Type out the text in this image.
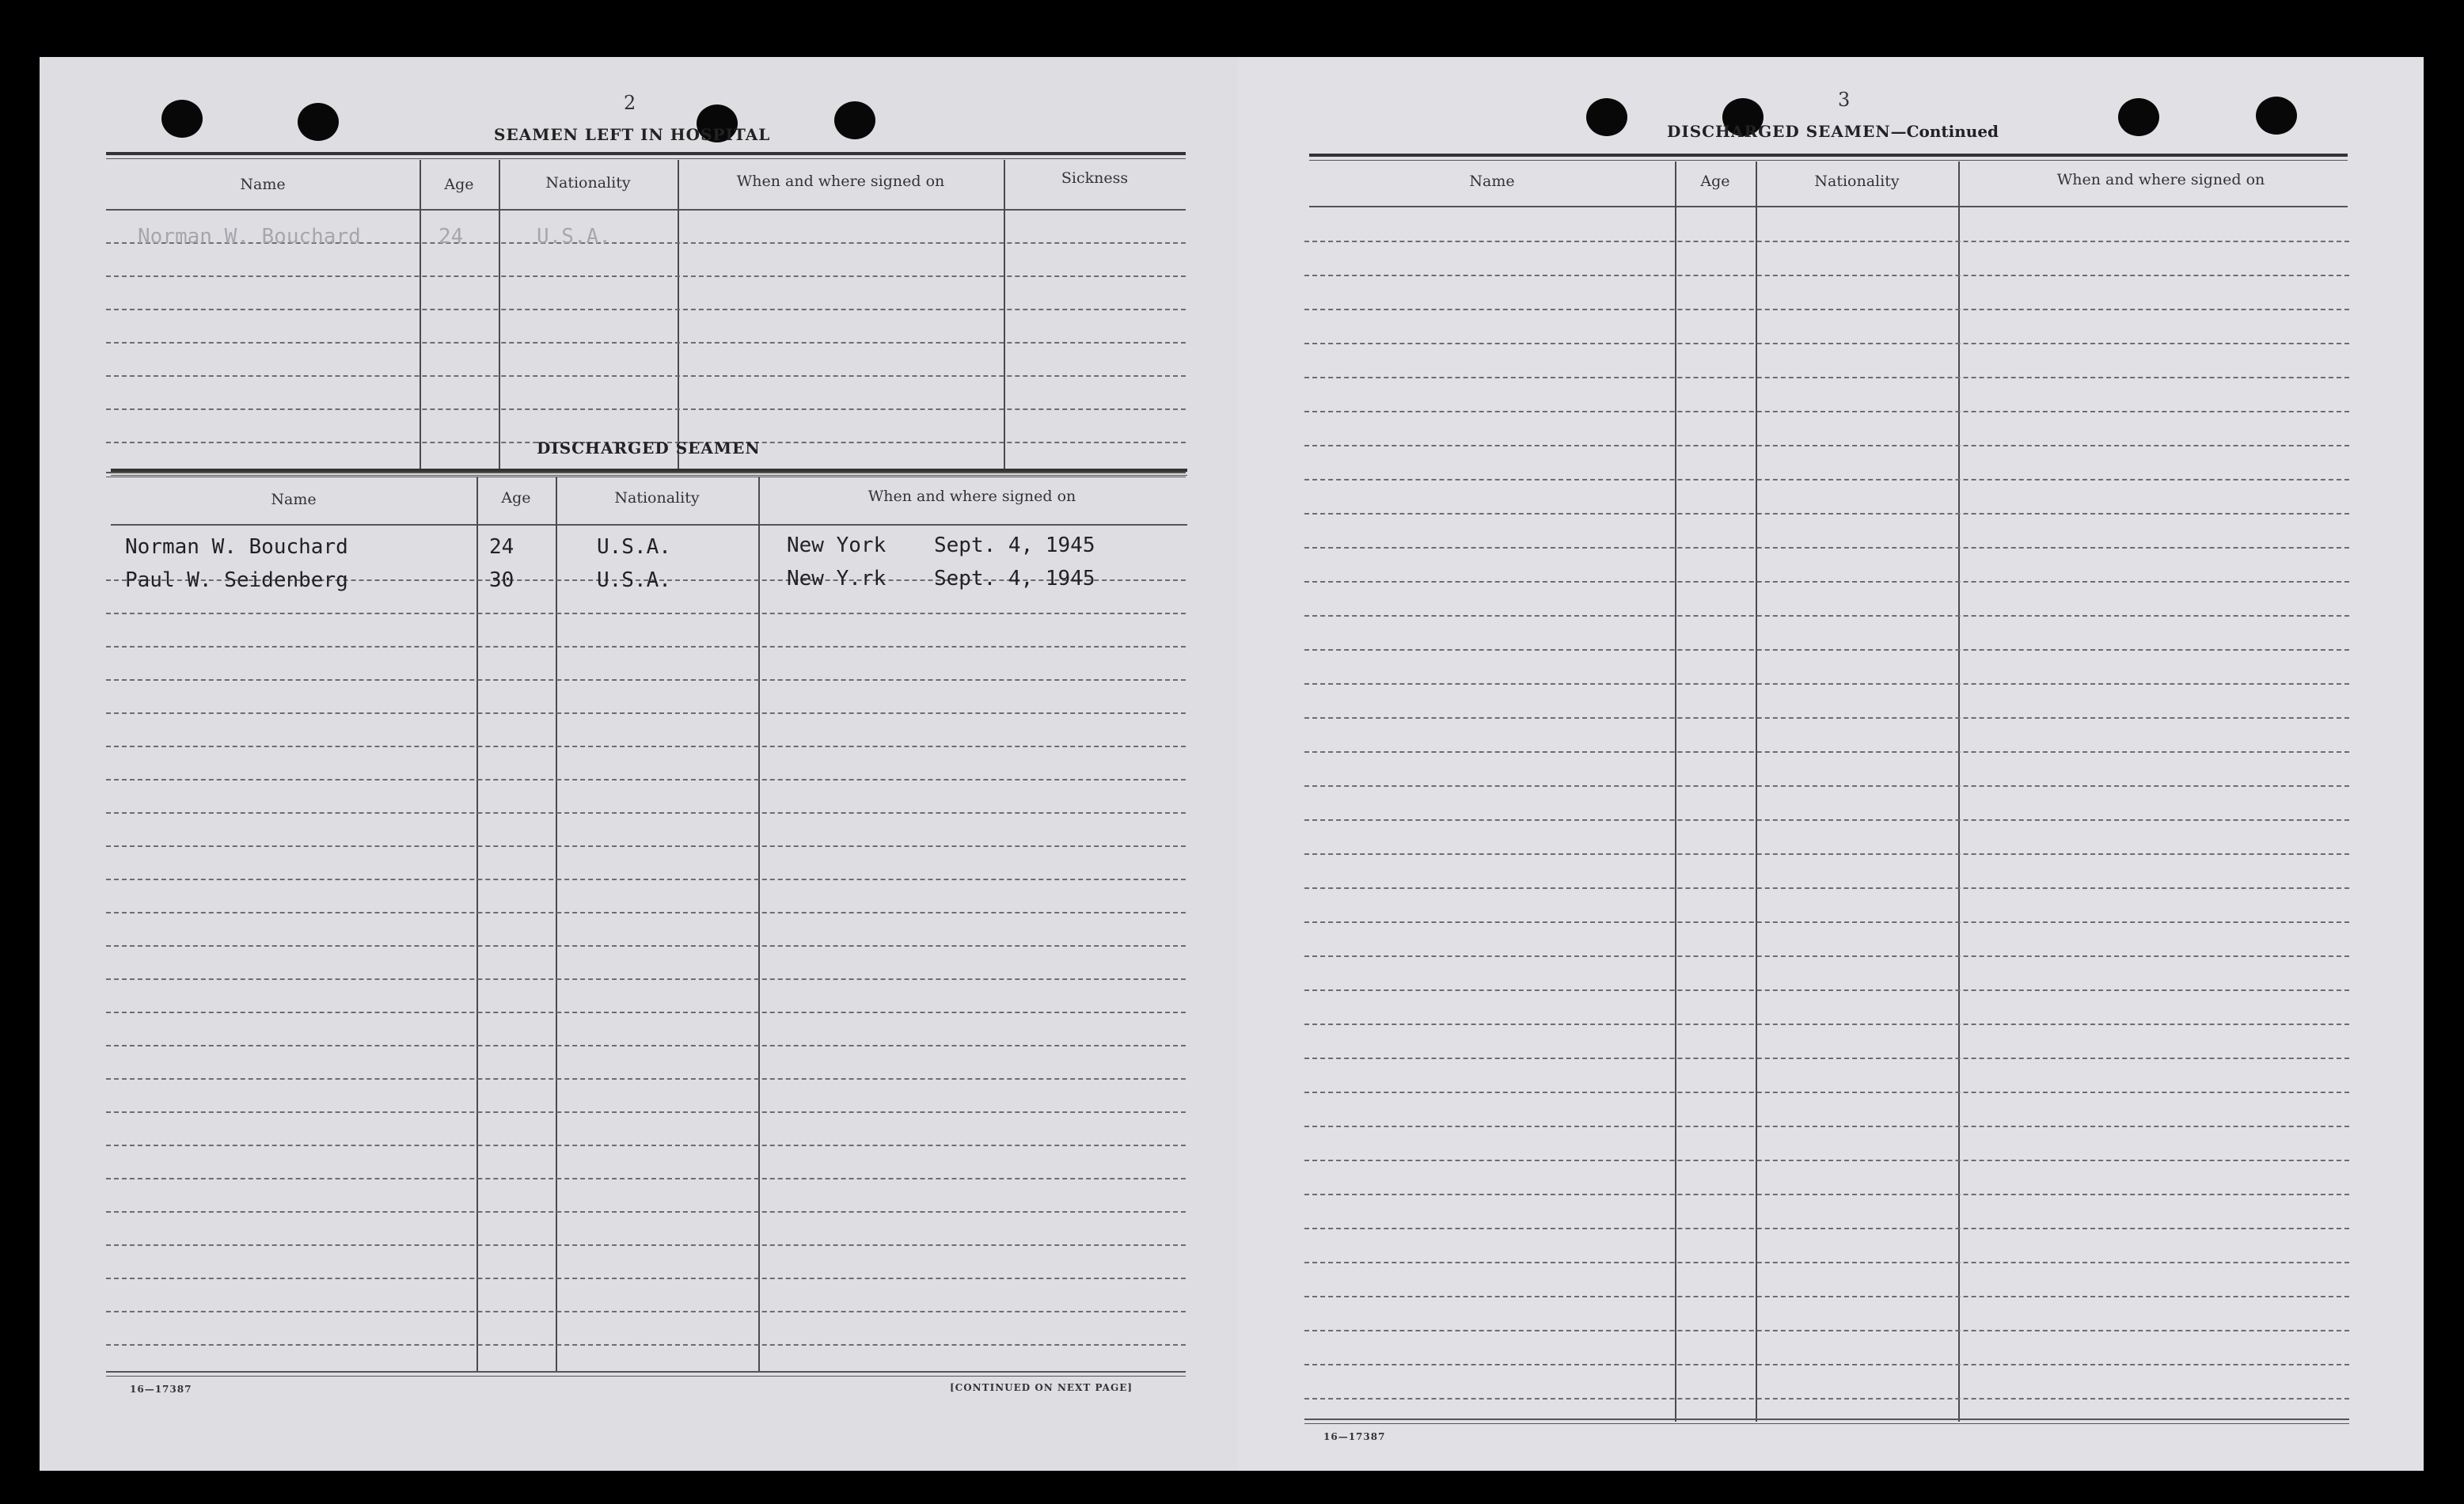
2
SEAMEN LEFT IN HOSPITAL
Name	Age	Nationality	When and where signed on	Sickness
Norman W. Bouchard	24	U.S.A.
DISCHARGED SEAMEN
Name	Age	Nationality	When and where signed on
Norman W. Bouchard	24	U.S.A.	New York Sept. 4, 1945
Paul W. Seidenberg	30	U.S.A.	New Y.rk Sept. 4, 1945
16—17387	[CONTINUED ON NEXT PAGE]
3
DISCHARGED SEAMEN—Continued
Name	Age	Nationality	When and where signed on
16—17387
